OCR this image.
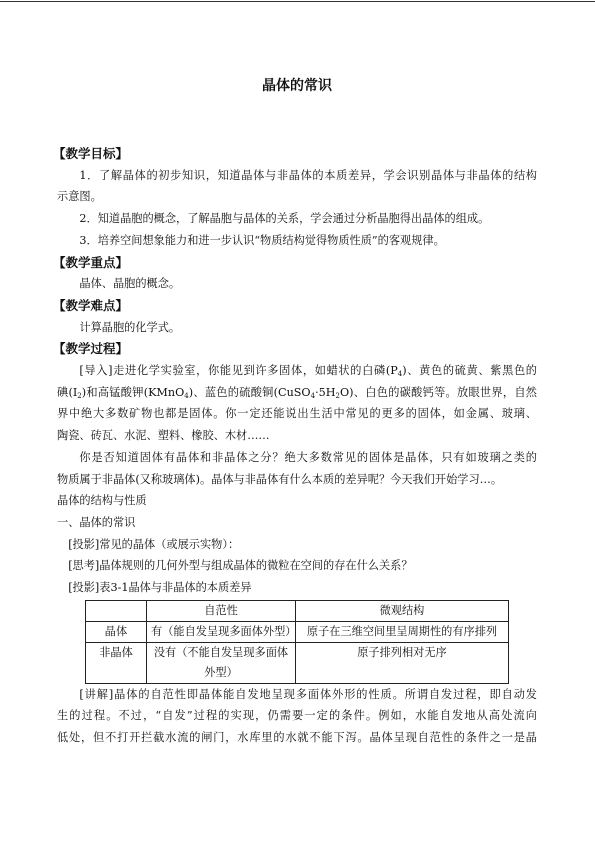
晶体的常识
【教学目标】

1．了解晶体的初步知识，知道晶体与非晶体的本质差异，学会识别晶体与非晶体的结构

示意图。

2．知道晶胞的概念，了解晶胞与晶体的关系，学会通过分析晶胞得出晶体的组成。

3．培养空间想象能力和进一步认识“物质结构觉得物质性质”的客观规律。

【教学重点】

晶体、晶胞的概念。

【教学难点】

计算晶胞的化学式。

【教学过程】

[导入]走进化学实验室，你能见到许多固体，如蜡状的白磷$(P_4)$、黄色的硫黄、紫黑色的

碘$(I_2)$和高锰酸钾(KMnO$_4$)、蓝色的硫酸铜$(CuSO_4\cdot 5H_2O)$、白色的碳酸钙等。放眼世界，自然

界中绝大多数矿物也都是固体。你一定还能说出生活中常见的更多的固体，如金属、玻璃、

陶瓷、砖瓦、水泥、塑料、橡胶、木材……

你是否知道固体有晶体和非晶体之分？绝大多数常见的固体是晶体，只有如玻璃之类的

物质属于非晶体(又称玻璃体)。晶体与非晶体有什么本质的差异呢？今天我们开始学习…。

晶体的结构与性质

一、晶体的常识

[投影]常见的晶体（或展示实物）：

[思考]晶体规则的几何外型与组成晶体的微粒在空间的存在什么关系？

[投影]表3-1晶体与非晶体的本质差异

	自范性	微观结构
晶体	有（能自发呈现多面体外型）	原子在三维空间里呈周期性的有序排列
非晶体	没有（不能自发呈现多面体外型）	原子排列相对无序

[讲解]晶体的自范性即晶体能自发地呈现多面体外形的性质。所谓自发过程，即自动发

生的过程。不过，“自发”过程的实现，仍需要一定的条件。例如，水能自发地从高处流向

低处，但不打开拦截水流的闸门，水库里的水就不能下泻。晶体呈现自范性的条件之一是晶
